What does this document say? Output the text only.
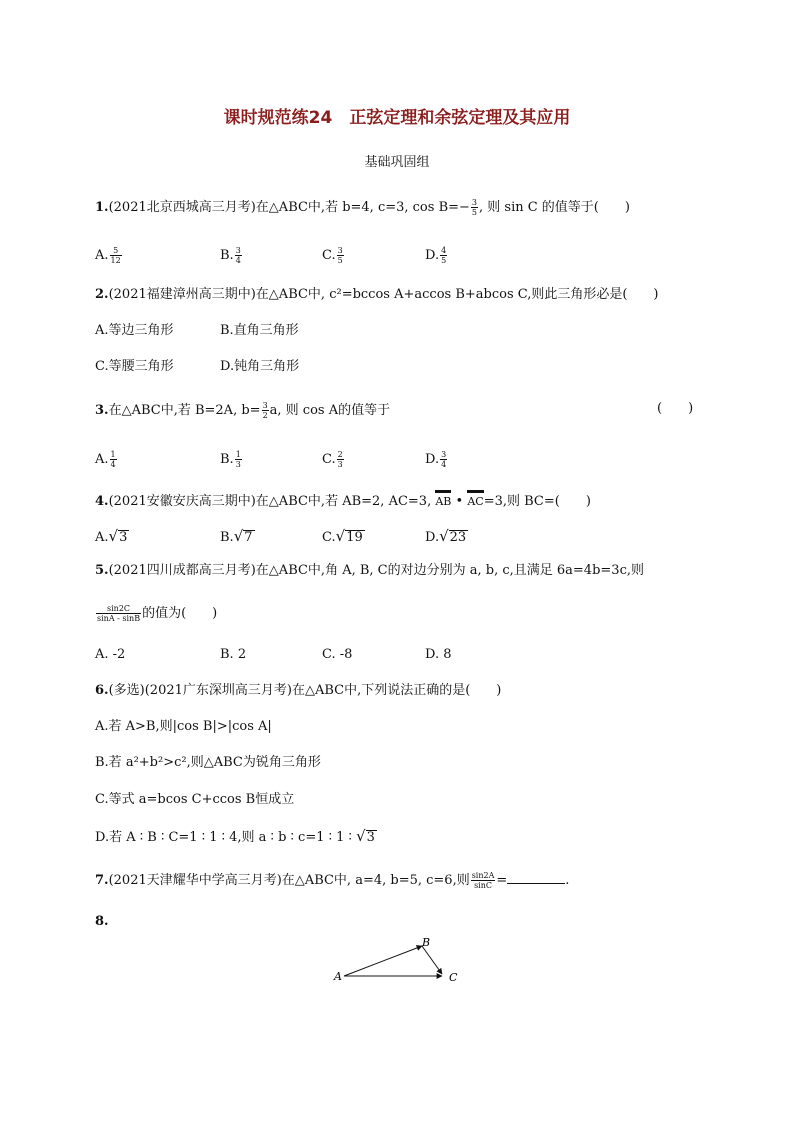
课时规范练24　正弦定理和余弦定理及其应用
基础巩固组
1.(2021北京西城高三月考)在△ABC中,若 b=4, c=3, $\cos B=- \frac{3}{5}$ , 则 sin C 的值等于(　　)
A. $\frac{5}{12}$	B. $\frac{3}{4}$	C. $\frac{3}{5}$	D. $\frac{4}{5}$
2.(2021福建漳州高三期中)在△ABC中, c²=bccos A+accos B+abcos C,则此三角形必是(　　)
A.等边三角形	B.直角三角形
C.等腰三角形	D.钝角三角形
3.在△ABC中,若 B=2A, $b= \frac{3}{2} a$, 则 cos A的值等于	(　　)
A. $\frac{1}{4}$	B. $\frac{1}{3}$	C. $\frac{2}{3}$	D. $\frac{3}{4}$
4.(2021安徽安庆高三期中)在△ABC中,若 AB=2, AC=3, AB • AC=3,则 BC=(　　)
A.√3	B.√7	C.√19	D.√23
5.(2021四川成都高三月考)在△ABC中,角 A, B, C的对边分别为 a, b, c,且满足 6a=4b=3c,则
$\frac{\sin 2C}{\sin A - \sin B}$ 的值为(　　)
A. -2	B. 2	C. -8	D. 8
6.(多选)(2021广东深圳高三月考)在△ABC中,下列说法正确的是(　　)
A.若 A>B,则|cos B|>|cos A|
B.若 a²+b²>c²,则△ABC为锐角三角形
C.等式 a=bcos C+ccos B恒成立
D.若 A ∶ B ∶ C=1 ∶ 1 ∶ 4,则 a ∶ b ∶ c=1 ∶ 1 ∶ √3
7.(2021天津耀华中学高三月考)在△ABC中, a=4, b=5, c=6,则 $\frac{\sin 2A}{\sin C}$ =	.
8.
A
B
C
